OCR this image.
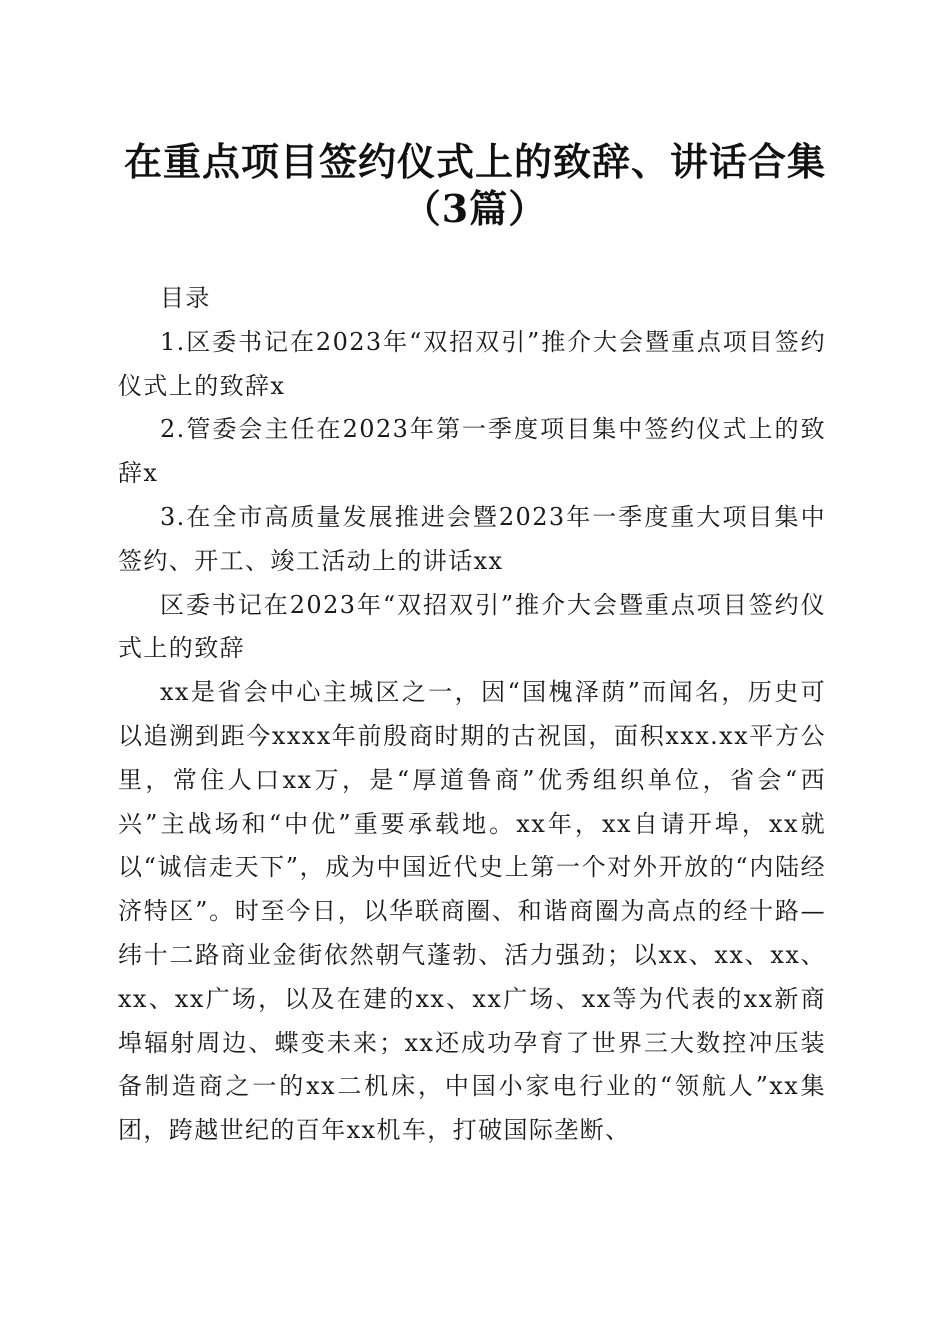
在重点项目签约仪式上的致辞、讲话合集（3篇）

目录

1.区委书记在2023年“双招双引”推介大会暨重点项目签约仪式上的致辞x

2.管委会主任在2023年第一季度项目集中签约仪式上的致辞x

3.在全市高质量发展推进会暨2023年一季度重大项目集中签约、开工、竣工活动上的讲话xx

区委书记在2023年“双招双引”推介大会暨重点项目签约仪式上的致辞

xx是省会中心主城区之一，因“国槐泽荫”而闻名，历史可以追溯到距今xxxx年前殷商时期的古祝国，面积xxx.xx平方公里，常住人口xx万，是“厚道鲁商”优秀组织单位，省会“西兴”主战场和“中优”重要承载地。xx年，xx自请开埠，xx就以“诚信走天下”，成为中国近代史上第一个对外开放的“内陆经济特区”。时至今日，以华联商圈、和谐商圈为高点的经十路—纬十二路商业金街依然朝气蓬勃、活力强劲；以xx、xx、xx、xx、xx广场，以及在建的xx、xx广场、xx等为代表的xx新商埠辐射周边、蝶变未来；xx还成功孕育了世界三大数控冲压装备制造商之一的xx二机床，中国小家电行业的“领航人”xx集团，跨越世纪的百年xx机车，打破国际垄断、
